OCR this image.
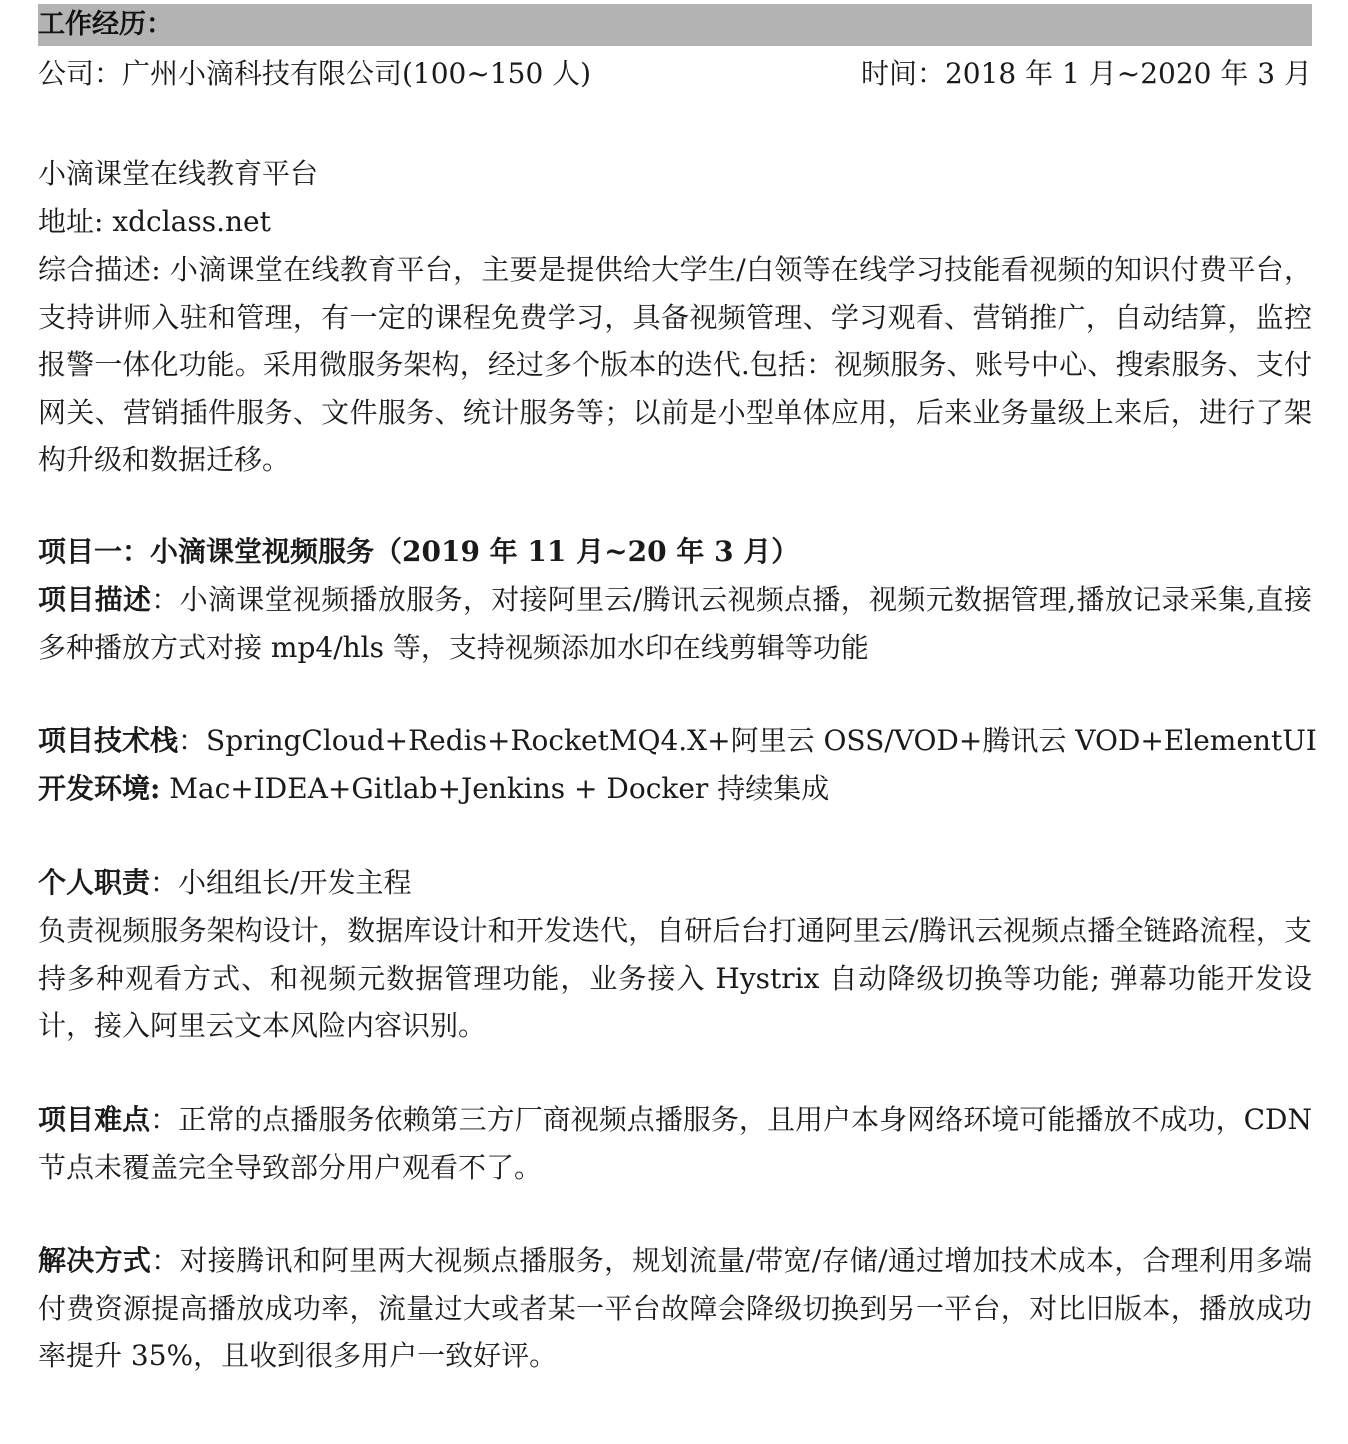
工作经历：
公司：广州小滴科技有限公司(100~150 人)	时间：2018 年 1 月~2020 年 3 月
小滴课堂在线教育平台
地址: xdclass.net
综合描述: 小滴课堂在线教育平台，主要是提供给大学生/白领等在线学习技能看视频的知识付费平台，支持讲师入驻和管理，有一定的课程免费学习，具备视频管理、学习观看、营销推广，自动结算，监控报警一体化功能。采用微服务架构，经过多个版本的迭代.包括：视频服务、账号中心、搜索服务、支付网关、营销插件服务、文件服务、统计服务等；以前是小型单体应用，后来业务量级上来后，进行了架构升级和数据迁移。
项目一：小滴课堂视频服务（2019 年 11 月~20 年 3 月）
项目描述：小滴课堂视频播放服务，对接阿里云/腾讯云视频点播，视频元数据管理,播放记录采集,直接多种播放方式对接 mp4/hls 等，支持视频添加水印在线剪辑等功能
项目技术栈：SpringCloud+Redis+RocketMQ4.X+阿里云 OSS/VOD+腾讯云 VOD+ElementUI
开发环境: Mac+IDEA+Gitlab+Jenkins + Docker 持续集成
个人职责：小组组长/开发主程
负责视频服务架构设计，数据库设计和开发迭代，自研后台打通阿里云/腾讯云视频点播全链路流程，支持多种观看方式、和视频元数据管理功能，业务接入 Hystrix 自动降级切换等功能; 弹幕功能开发设计，接入阿里云文本风险内容识别。
项目难点：正常的点播服务依赖第三方厂商视频点播服务，且用户本身网络环境可能播放不成功，CDN 节点未覆盖完全导致部分用户观看不了。
解决方式：对接腾讯和阿里两大视频点播服务，规划流量/带宽/存储/通过增加技术成本，合理利用多端付费资源提高播放成功率，流量过大或者某一平台故障会降级切换到另一平台，对比旧版本，播放成功率提升 35%，且收到很多用户一致好评。
